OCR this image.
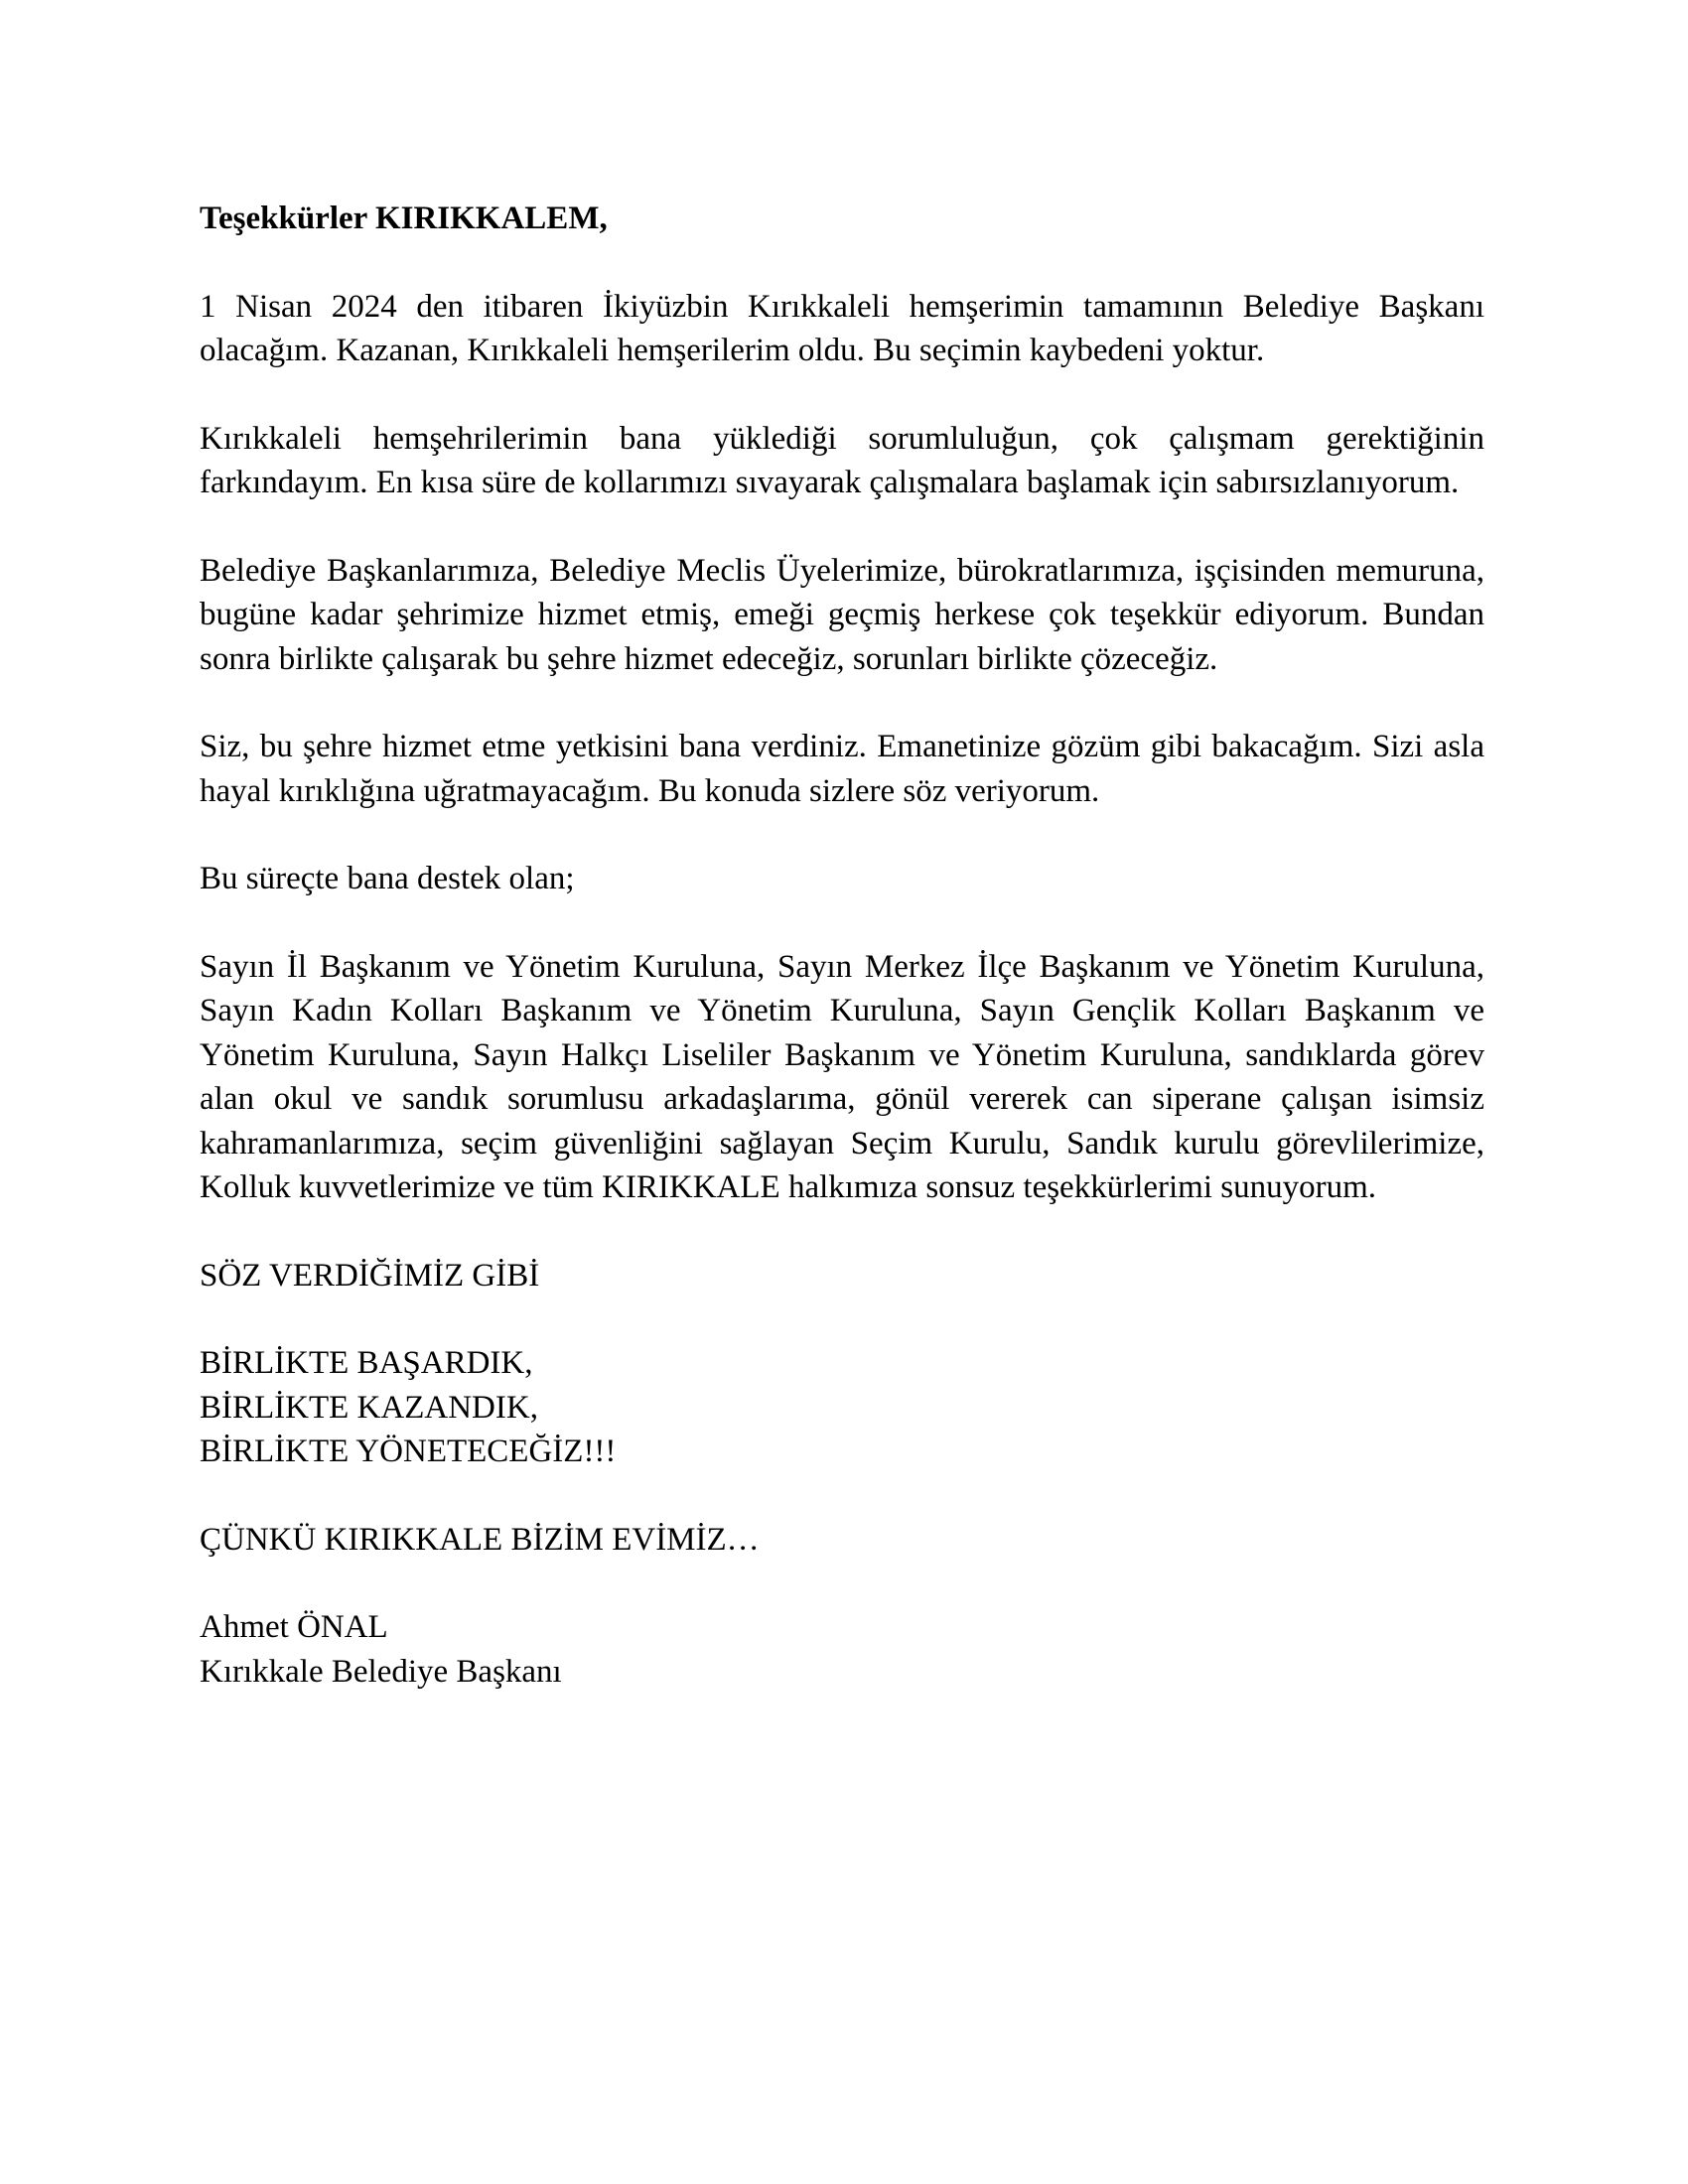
Teşekkürler KIRIKKALEM,
1 Nisan 2024 den itibaren İkiyüzbin Kırıkkaleli hemşerimin tamamının Belediye Başkanı olacağım. Kazanan, Kırıkkaleli hemşerilerim oldu. Bu seçimin kaybedeni yoktur.
Kırıkkaleli hemşehrilerimin bana yüklediği sorumluluğun, çok çalışmam gerektiğinin farkındayım. En kısa süre de kollarımızı sıvayarak çalışmalara başlamak için sabırsızlanıyorum.
Belediye Başkanlarımıza, Belediye Meclis Üyelerimize, bürokratlarımıza, işçisinden memuruna, bugüne kadar şehrimize hizmet etmiş, emeği geçmiş herkese çok teşekkür ediyorum. Bundan sonra birlikte çalışarak bu şehre hizmet edeceğiz, sorunları birlikte çözeceğiz.
Siz, bu şehre hizmet etme yetkisini bana verdiniz. Emanetinize gözüm gibi bakacağım. Sizi asla hayal kırıklığına uğratmayacağım. Bu konuda sizlere söz veriyorum.
Bu süreçte bana destek olan;
Sayın İl Başkanım ve Yönetim Kuruluna, Sayın Merkez İlçe Başkanım ve Yönetim Kuruluna, Sayın Kadın Kolları Başkanım ve Yönetim Kuruluna, Sayın Gençlik Kolları Başkanım ve Yönetim Kuruluna, Sayın Halkçı Liseliler Başkanım ve Yönetim Kuruluna, sandıklarda görev alan okul ve sandık sorumlusu arkadaşlarıma, gönül vererek can siperane çalışan isimsiz kahramanlarımıza, seçim güvenliğini sağlayan Seçim Kurulu, Sandık kurulu görevlilerimize, Kolluk kuvvetlerimize ve tüm KIRIKKALE halkımıza sonsuz teşekkürlerimi sunuyorum.
SÖZ VERDİĞİMİZ GİBİ
BİRLİKTE BAŞARDIK,
BİRLİKTE KAZANDIK,
BİRLİKTE YÖNETECEĞİZ!!!
ÇÜNKÜ KIRIKKALE BİZİM EVİMİZ…
Ahmet ÖNAL
Kırıkkale Belediye Başkanı
